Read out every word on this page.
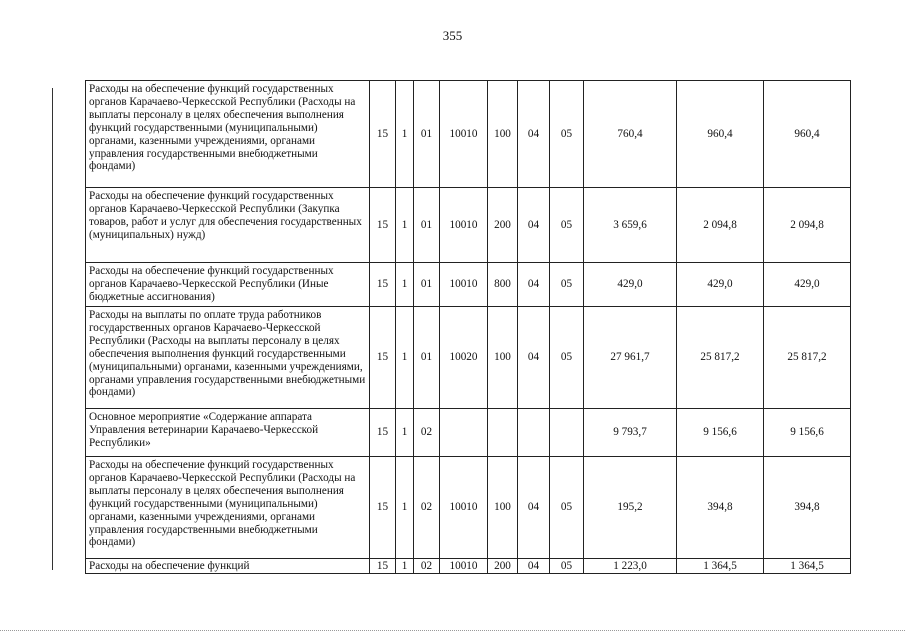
355
Расходы на обеспечение функций государственных органов Карачаево-Черкесской Республики (Расходы на выплаты персоналу в целях обеспечения выполнения функций государственными (муниципальными) органами, казенными учреждениями, органами управления государственными внебюджетными фондами)	15	1	01	10010	100	04	05	760,4	960,4	960,4
Расходы на обеспечение функций государственных органов Карачаево-Черкесской Республики (Закупка товаров, работ и услуг для обеспечения государственных (муниципальных) нужд)	15	1	01	10010	200	04	05	3 659,6	2 094,8	2 094,8
Расходы на обеспечение функций государственных органов Карачаево-Черкесской Республики (Иные бюджетные ассигнования)	15	1	01	10010	800	04	05	429,0	429,0	429,0
Расходы на выплаты по оплате труда работников государственных органов Карачаево-Черкесской Республики (Расходы на выплаты персоналу в целях обеспечения выполнения функций государственными (муниципальными) органами, казенными учреждениями, органами управления государственными внебюджетными фондами)	15	1	01	10020	100	04	05	27 961,7	25 817,2	25 817,2
Основное мероприятие «Содержание аппарата Управления ветеринарии Карачаево-Черкесской Республики»	15	1	02					9 793,7	9 156,6	9 156,6
Расходы на обеспечение функций государственных органов Карачаево-Черкесской Республики (Расходы на выплаты персоналу в целях обеспечения выполнения функций государственными (муниципальными) органами, казенными учреждениями, органами управления государственными внебюджетными фондами)	15	1	02	10010	100	04	05	195,2	394,8	394,8
Расходы на обеспечение функций	15	1	02	10010	200	04	05	1 223,0	1 364,5	1 364,5
